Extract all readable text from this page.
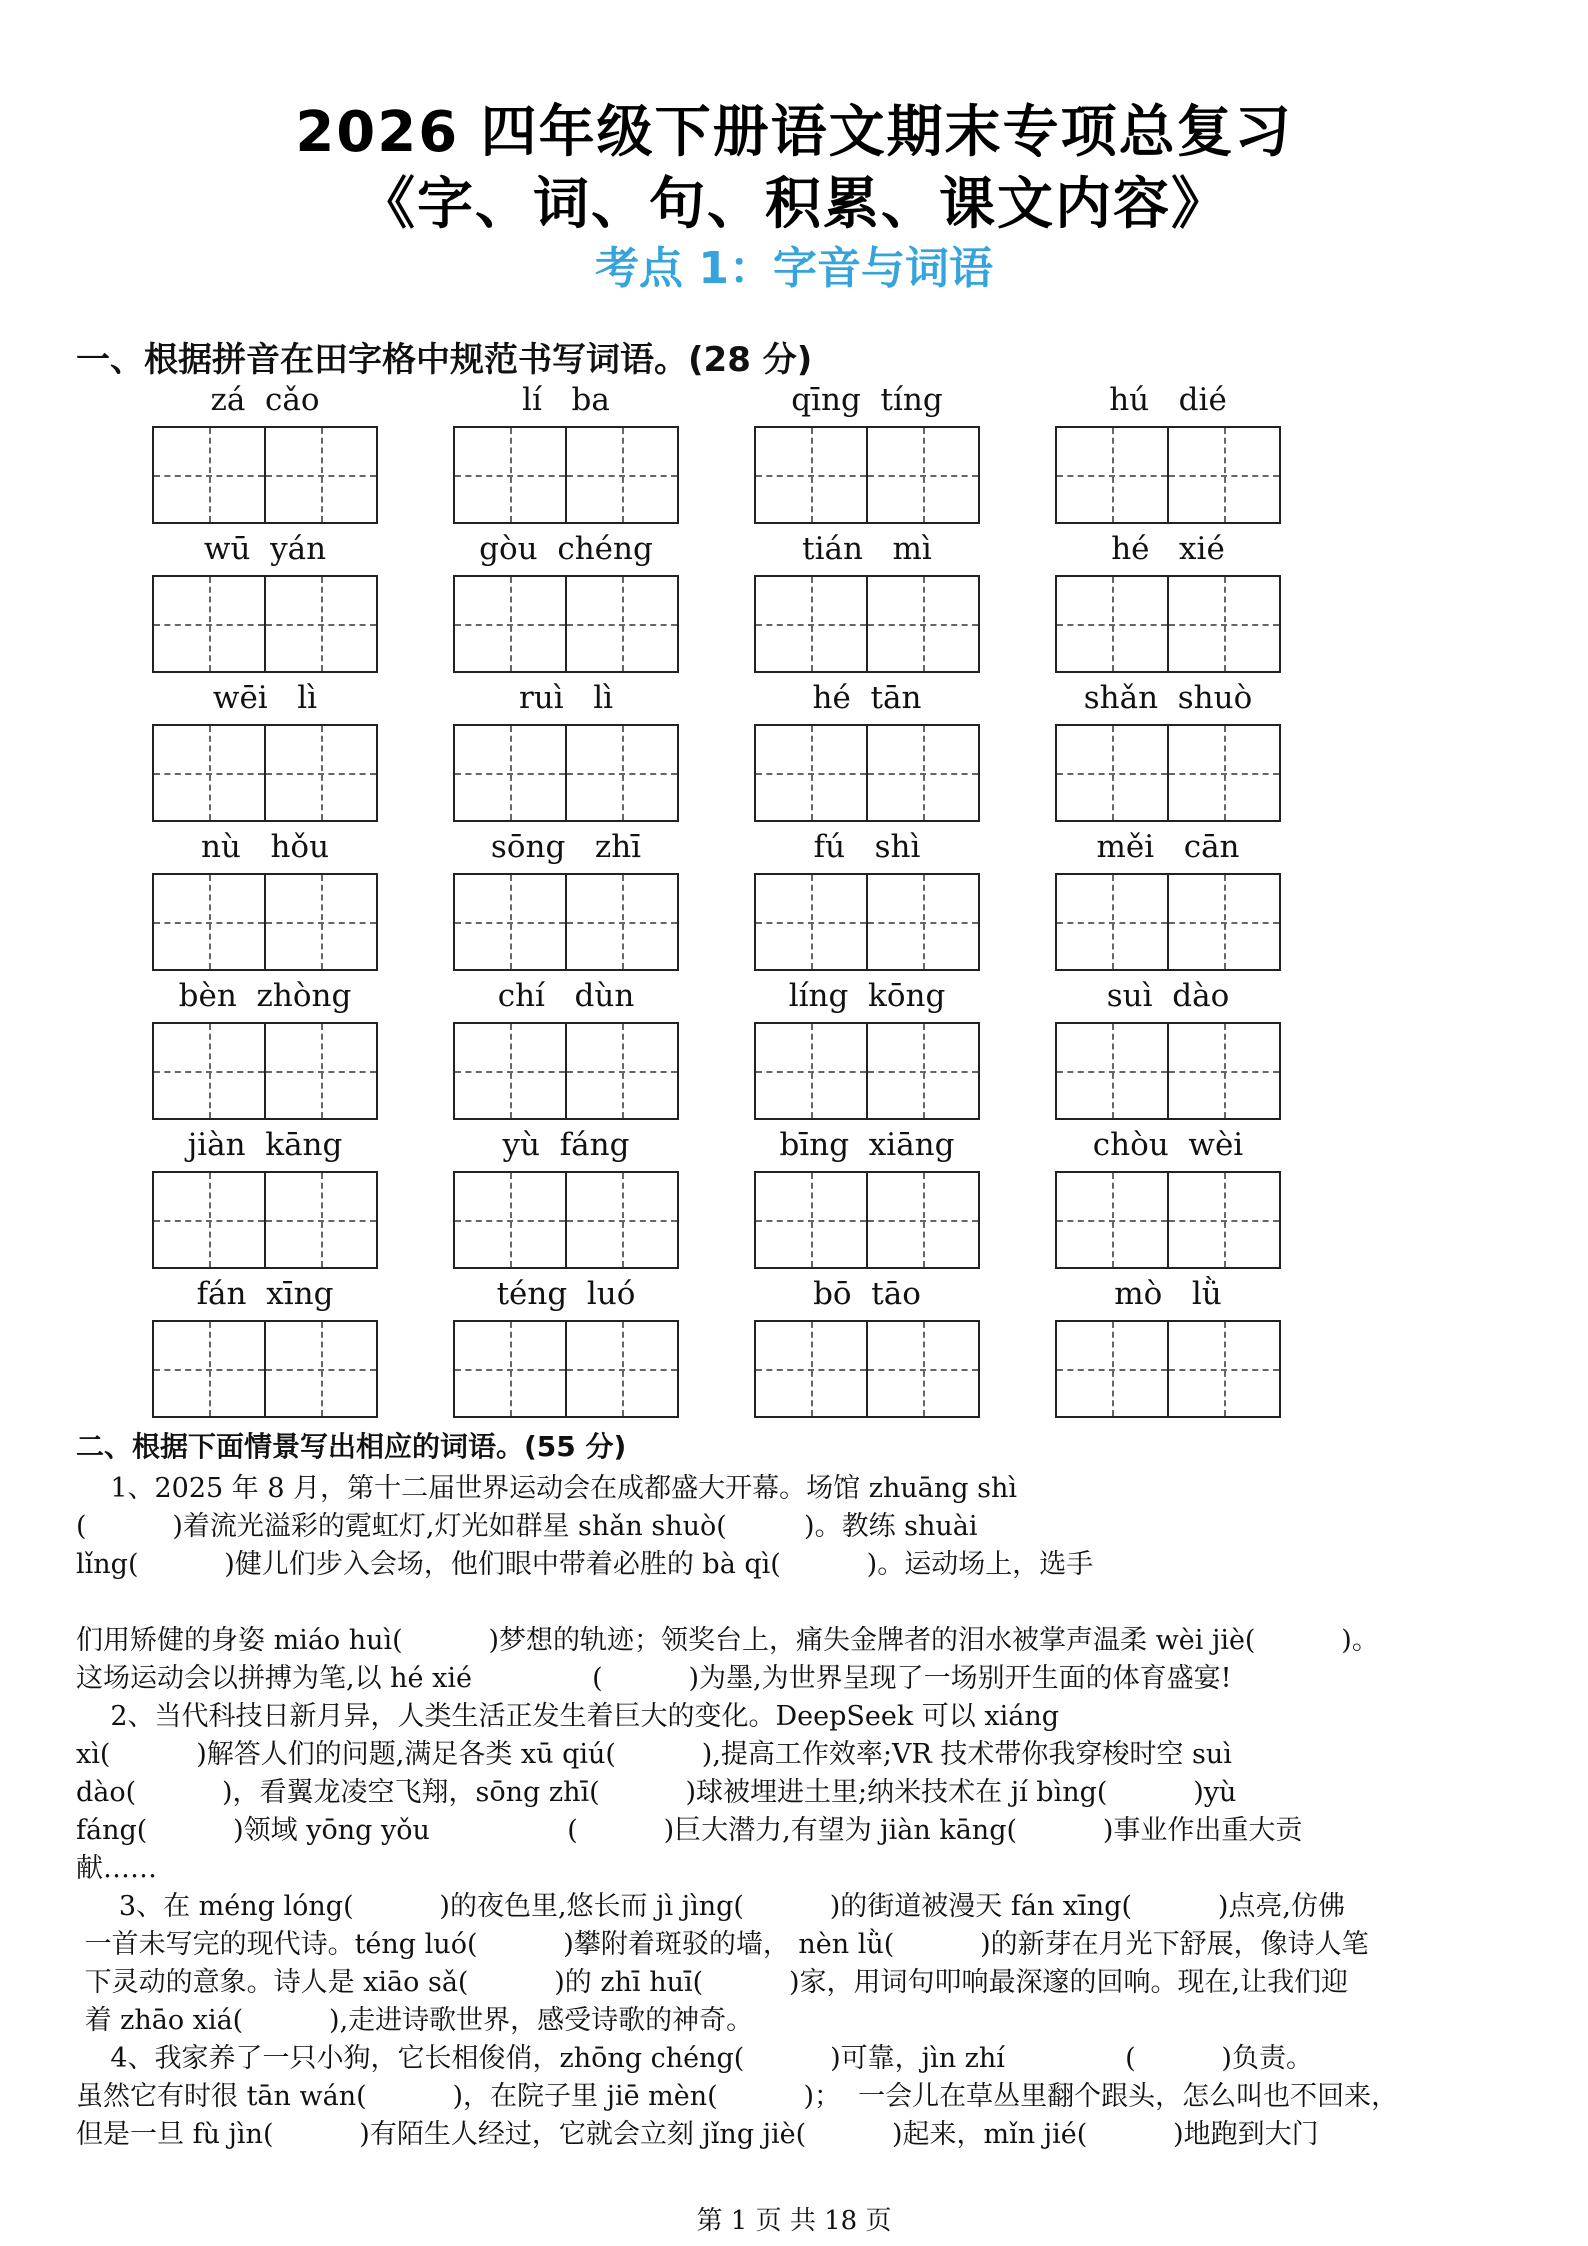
2026 四年级下册语文期末专项总复习
《字、词、句、积累、课文内容》
考点 1：字音与词语
一、根据拼音在田字格中规范书写词语。(28 分)
zá  cǎo	lí   ba	qīng  tíng	hú   dié
wū  yán	gòu  chéng	tián   mì	hé   xié
wēi   lì	ruì   lì	hé  tān	shǎn  shuò
nù   hǒu	sōng   zhī	fú   shì	měi   cān
bèn  zhòng	chí   dùn	líng  kōng	suì  dào
jiàn  kāng	yù  fáng	bīng  xiāng	chòu  wèi
fán  xīng	téng  luó	bō  tāo	mò   lǜ
二、根据下面情景写出相应的词语。(55 分)
1、2025 年 8 月，第十二届世界运动会在成都盛大开幕。场馆 zhuāng shì
(          )着流光溢彩的霓虹灯,灯光如群星 shǎn shuò(         )。教练 shuài
lǐng(          )健儿们步入会场，他们眼中带着必胜的 bà qì(          )。运动场上，选手
们用矫健的身姿 miáo huì(          )梦想的轨迹；领奖台上，痛失金牌者的泪水被掌声温柔 wèi jiè(          )。
这场运动会以拼搏为笔,以 hé xié              (          )为墨,为世界呈现了一场别开生面的体育盛宴!
2、当代科技日新月异，人类生活正发生着巨大的变化。DeepSeek 可以 xiáng
xì(          )解答人们的问题,满足各类 xū qiú(          ),提高工作效率;VR 技术带你我穿梭时空 suì
dào(          )，看翼龙凌空飞翔，sōng zhī(          )球被埋进土里;纳米技术在 jí bìng(          )yù
fáng(          )领域 yōng yǒu                (          )巨大潜力,有望为 jiàn kāng(          )事业作出重大贡
献……
3、在 méng lóng(          )的夜色里,悠长而 jì jìng(          )的街道被漫天 fán xīng(          )点亮,仿佛
一首未写完的现代诗。téng luó(          )攀附着斑驳的墙， nèn lǜ(          )的新芽在月光下舒展，像诗人笔
下灵动的意象。诗人是 xiāo sǎ(          )的 zhī huī(          )家，用词句叩响最深邃的回响。现在,让我们迎
着 zhāo xiá(          ),走进诗歌世界，感受诗歌的神奇。
4、我家养了一只小狗，它长相俊俏，zhōng chéng(          )可靠，jìn zhí              (          )负责。
虽然它有时很 tān wán(          )，在院子里 jiē mèn(          )；  一会儿在草丛里翻个跟头，怎么叫也不回来，
但是一旦 fù jìn(          )有陌生人经过，它就会立刻 jǐng jiè(          )起来，mǐn jié(          )地跑到大门
第 1 页 共 18 页
